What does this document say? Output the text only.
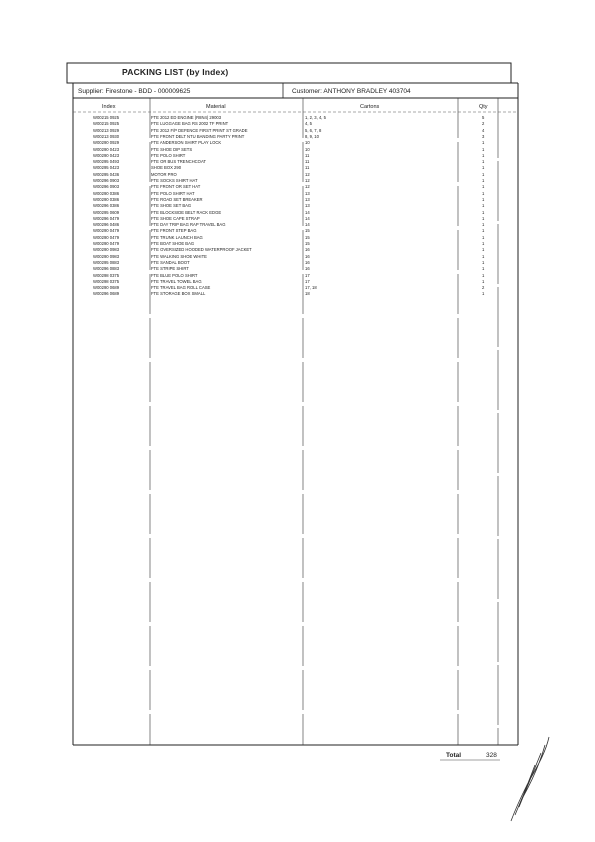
PACKING LIST (by Index)
Supplier: Firestone - BDD - 000009625	Customer: ANTHONY BRADLEY 403704
Index	Material	Cartons	Qty
W00215 0925	FTE 2012 ED ENGINE (R8N4) 29003	1, 2, 3, 4, 5	5
W00215 0925	FTE LUGGAGE BAG RS 2002 TF PRINT	4, 5	2
W00213 0929	FTE 2012 F/P DEFENCE FIRST PRINT ST GRADE	5, 6, 7, 8	4
W00213 0930	FTE FRONT DELT NTU BANDING PARTY PRINT	8, 9, 10	3
W00290 0929	FTE ANDERSON SHIRT PLAY LOCK	10	1
W00290 0423	FTE SHOE DIP SETS	10	1
W00290 0423	FTE POLO SHIRT	11	1
W00295 0493	FTE OR BUS TRENCHCOAT	11	1
W00295 0423	SHOE BOX 290	11	1
W00295 0436	MOTOR PRO	12	1
W00296 0903	FTE SOCKS SHIRT HAT	12	1
W00296 0903	FTE FRONT OR SET HAT	12	1
W00290 0386	FTE POLO SHIRT HAT	13	1
W00290 0386	FTE ROAD SET BREAKER	13	1
W00296 0386	FTE SHOE SET BAG	13	1
W00295 0609	FTE BLOCKSIDE BELT RACK EDGE	14	1
W00296 0479	FTE SHOE CAPE STRAP	14	1
W00296 0486	FTE DAY TRIP BAG RAP TRAVEL BAG	14	1
W00290 0479	FTE FRONT STEP BAG	15	1
W00290 0479	FTE TRUNK LAUNCH BAG	15	1
W00290 0479	FTE BOAT SHOE BAG	15	1
W00290 0983	FTE OVERSIZED HOODED WATERPROOF JACKET	16	1
W00290 0983	FTE WALKING SHOE WHITE	16	1
W00295 0883	FTE SANDAL BOOT	16	1
W00296 0883	FTE STRIPE SHIRT	16	1
W00298 0375	FTE BLUE POLO SHIRT	17	1
W00298 0375	FTE TRAVEL TOWEL BAG	17	1
W00290 0689	FTE TRAVEL BAG ROLL CASE	17, 18	2
W00296 0689	FTE STORAGE BOX SMALL	18	1
Total	328
